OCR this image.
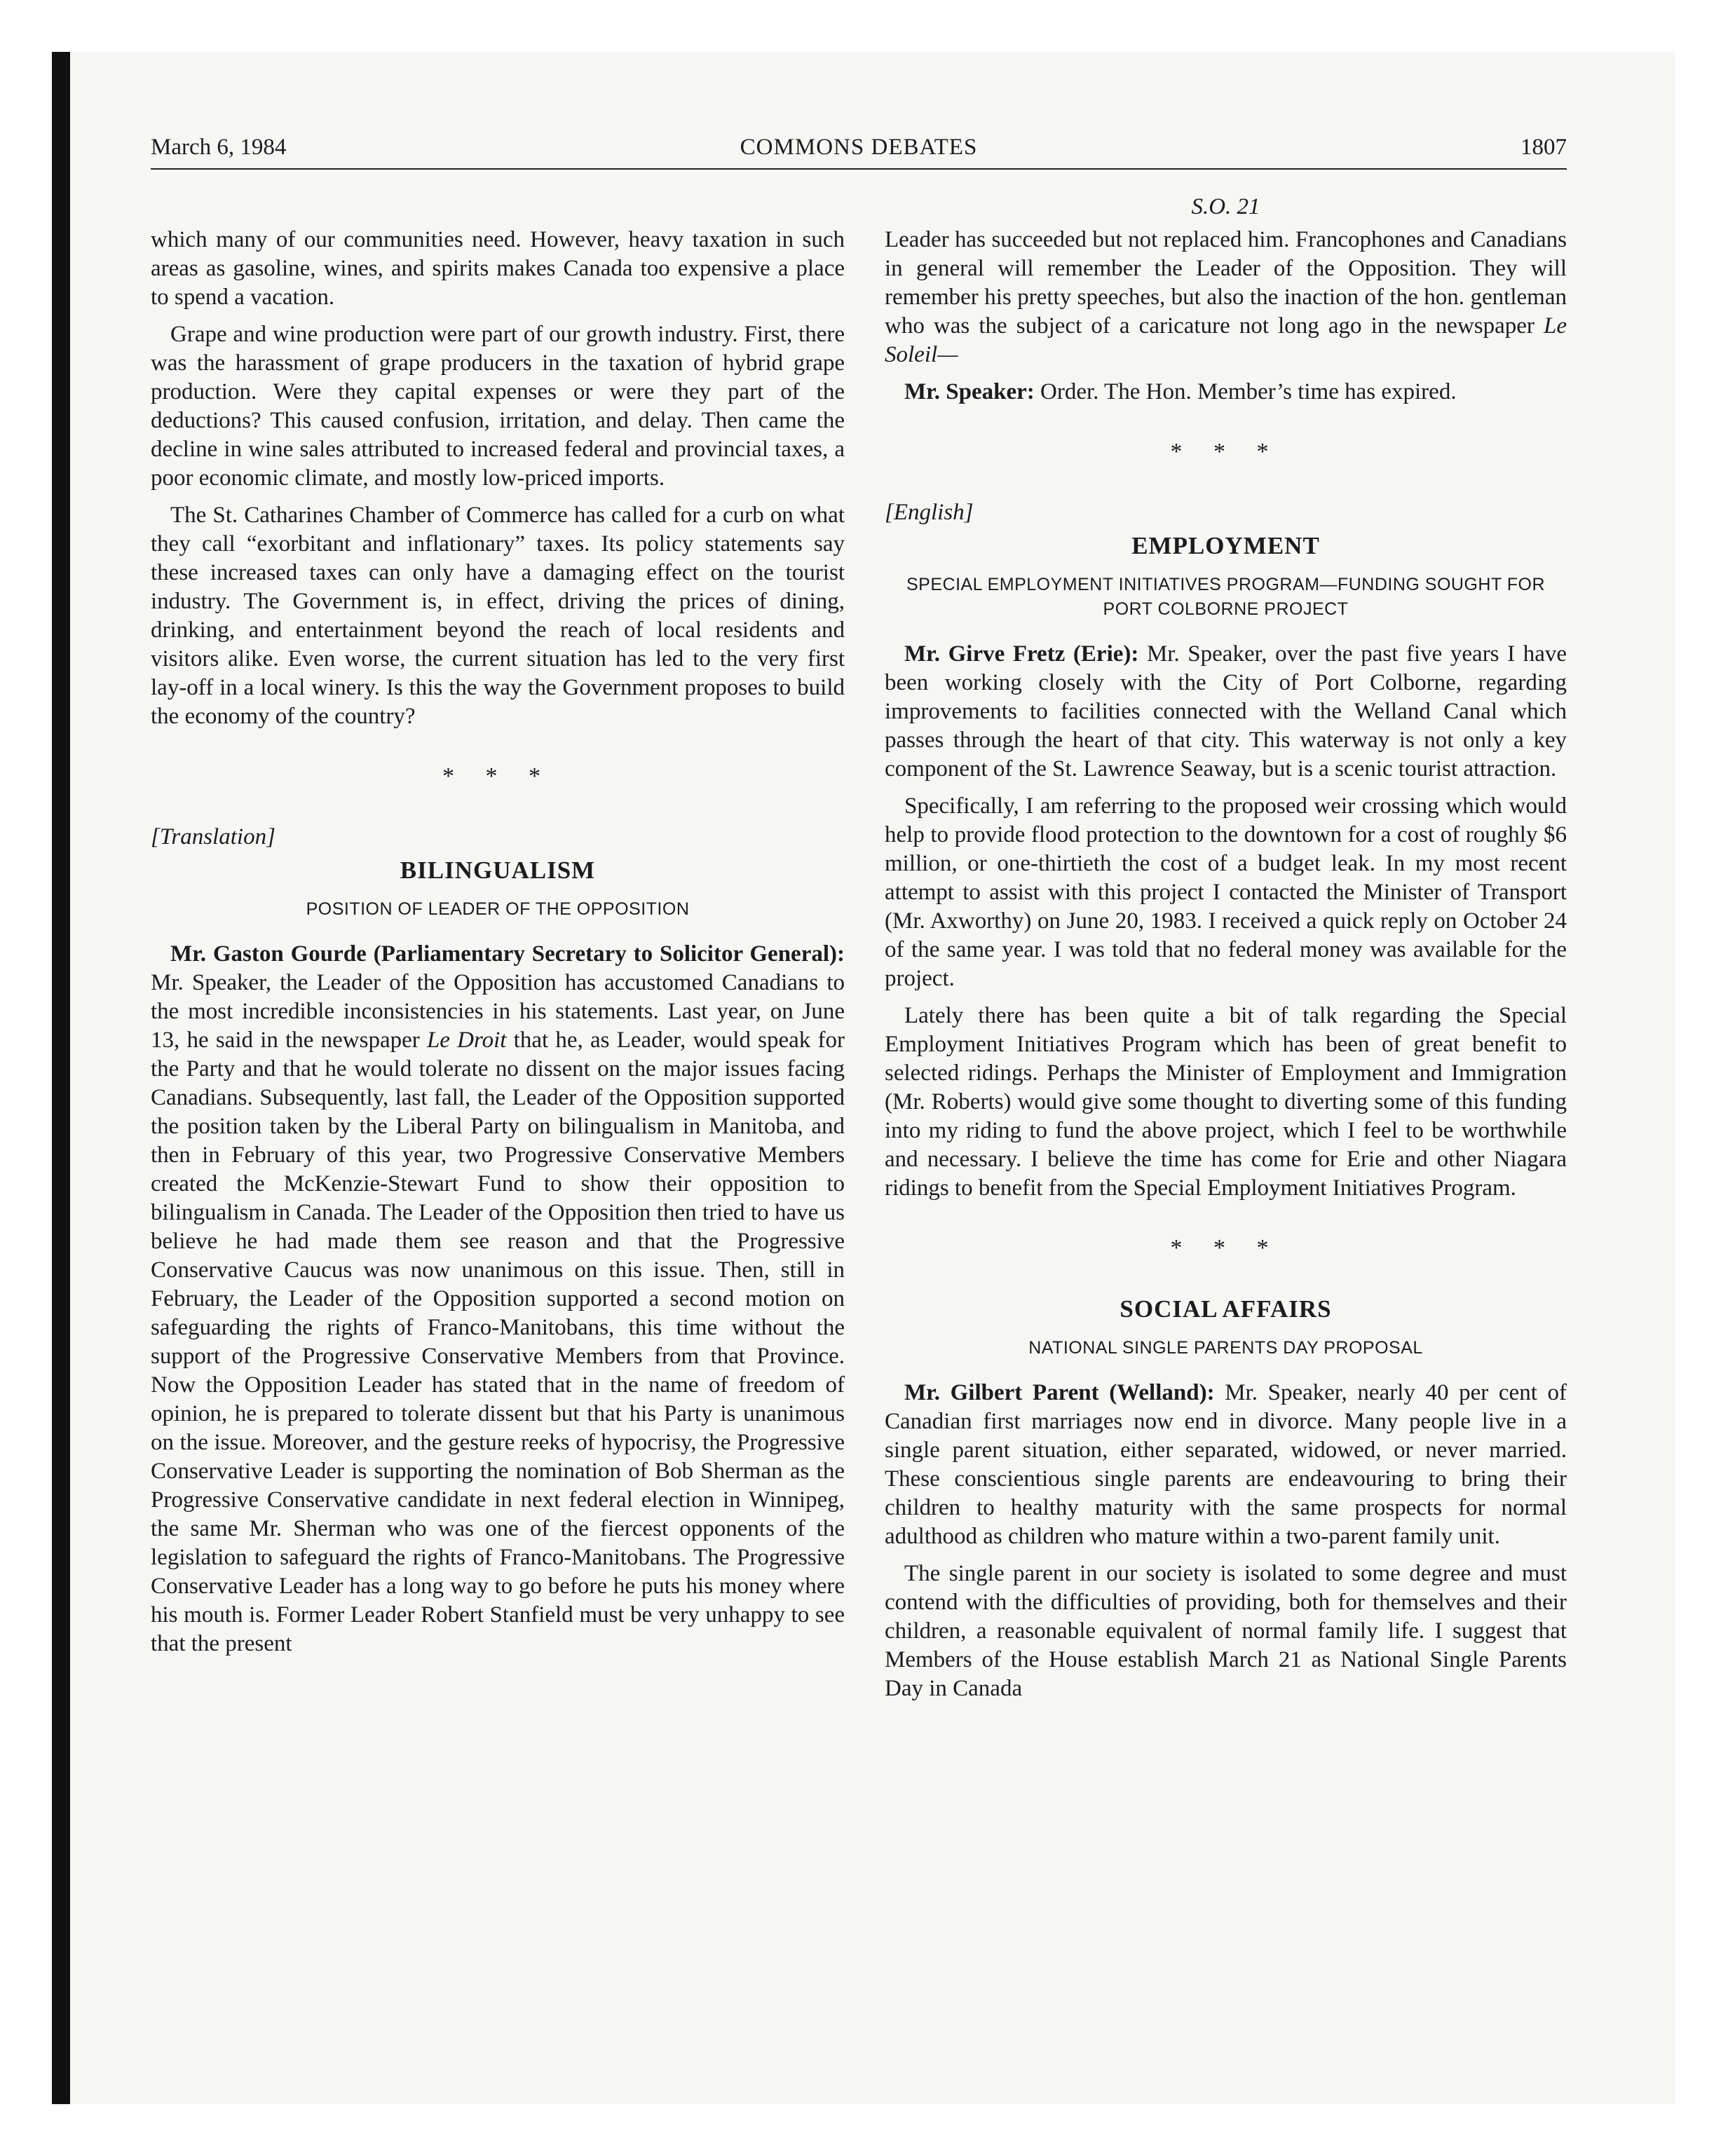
March 6, 1984	COMMONS DEBATES	1807

which many of our communities need. However, heavy taxation in such areas as gasoline, wines, and spirits makes Canada too expensive a place to spend a vacation.

Grape and wine production were part of our growth industry. First, there was the harassment of grape producers in the taxation of hybrid grape production. Were they capital expenses or were they part of the deductions? This caused confusion, irritation, and delay. Then came the decline in wine sales attributed to increased federal and provincial taxes, a poor economic climate, and mostly low-priced imports.

The St. Catharines Chamber of Commerce has called for a curb on what they call “exorbitant and inflationary” taxes. Its policy statements say these increased taxes can only have a damaging effect on the tourist industry. The Government is, in effect, driving the prices of dining, drinking, and entertainment beyond the reach of local residents and visitors alike. Even worse, the current situation has led to the very first lay-off in a local winery. Is this the way the Government proposes to build the economy of the country?

* * *
[Translation]
BILINGUALISM
POSITION OF LEADER OF THE OPPOSITION

Mr. Gaston Gourde (Parliamentary Secretary to Solicitor General): Mr. Speaker, the Leader of the Opposition has accustomed Canadians to the most incredible inconsistencies in his statements. Last year, on June 13, he said in the newspaper Le Droit that he, as Leader, would speak for the Party and that he would tolerate no dissent on the major issues facing Canadians. Subsequently, last fall, the Leader of the Opposition supported the position taken by the Liberal Party on bilingualism in Manitoba, and then in February of this year, two Progressive Conservative Members created the McKenzie-Stewart Fund to show their opposition to bilingualism in Canada. The Leader of the Opposition then tried to have us believe he had made them see reason and that the Progressive Conservative Caucus was now unanimous on this issue. Then, still in February, the Leader of the Opposition supported a second motion on safeguarding the rights of Franco-Manitobans, this time without the support of the Progressive Conservative Members from that Province. Now the Opposition Leader has stated that in the name of freedom of opinion, he is prepared to tolerate dissent but that his Party is unanimous on the issue. Moreover, and the gesture reeks of hypocrisy, the Progressive Conservative Leader is supporting the nomination of Bob Sherman as the Progressive Conservative candidate in next federal election in Winnipeg, the same Mr. Sherman who was one of the fiercest opponents of the legislation to safeguard the rights of Franco-Manitobans. The Progressive Conservative Leader has a long way to go before he puts his money where his mouth is. Former Leader Robert Stanfield must be very unhappy to see that the present

S.O. 21

Leader has succeeded but not replaced him. Francophones and Canadians in general will remember the Leader of the Opposition. They will remember his pretty speeches, but also the inaction of the hon. gentleman who was the subject of a caricature not long ago in the newspaper Le Soleil—

Mr. Speaker: Order. The Hon. Member’s time has expired.

* * *
[English]
EMPLOYMENT
SPECIAL EMPLOYMENT INITIATIVES PROGRAM—FUNDING SOUGHT FOR PORT COLBORNE PROJECT

Mr. Girve Fretz (Erie): Mr. Speaker, over the past five years I have been working closely with the City of Port Colborne, regarding improvements to facilities connected with the Welland Canal which passes through the heart of that city. This waterway is not only a key component of the St. Lawrence Seaway, but is a scenic tourist attraction.

Specifically, I am referring to the proposed weir crossing which would help to provide flood protection to the downtown for a cost of roughly $6 million, or one-thirtieth the cost of a budget leak. In my most recent attempt to assist with this project I contacted the Minister of Transport (Mr. Axworthy) on June 20, 1983. I received a quick reply on October 24 of the same year. I was told that no federal money was available for the project.

Lately there has been quite a bit of talk regarding the Special Employment Initiatives Program which has been of great benefit to selected ridings. Perhaps the Minister of Employment and Immigration (Mr. Roberts) would give some thought to diverting some of this funding into my riding to fund the above project, which I feel to be worthwhile and necessary. I believe the time has come for Erie and other Niagara ridings to benefit from the Special Employment Initiatives Program.

* * *
SOCIAL AFFAIRS
NATIONAL SINGLE PARENTS DAY PROPOSAL

Mr. Gilbert Parent (Welland): Mr. Speaker, nearly 40 per cent of Canadian first marriages now end in divorce. Many people live in a single parent situation, either separated, widowed, or never married. These conscientious single parents are endeavouring to bring their children to healthy maturity with the same prospects for normal adulthood as children who mature within a two-parent family unit.

The single parent in our society is isolated to some degree and must contend with the difficulties of providing, both for themselves and their children, a reasonable equivalent of normal family life. I suggest that Members of the House establish March 21 as National Single Parents Day in Canada
